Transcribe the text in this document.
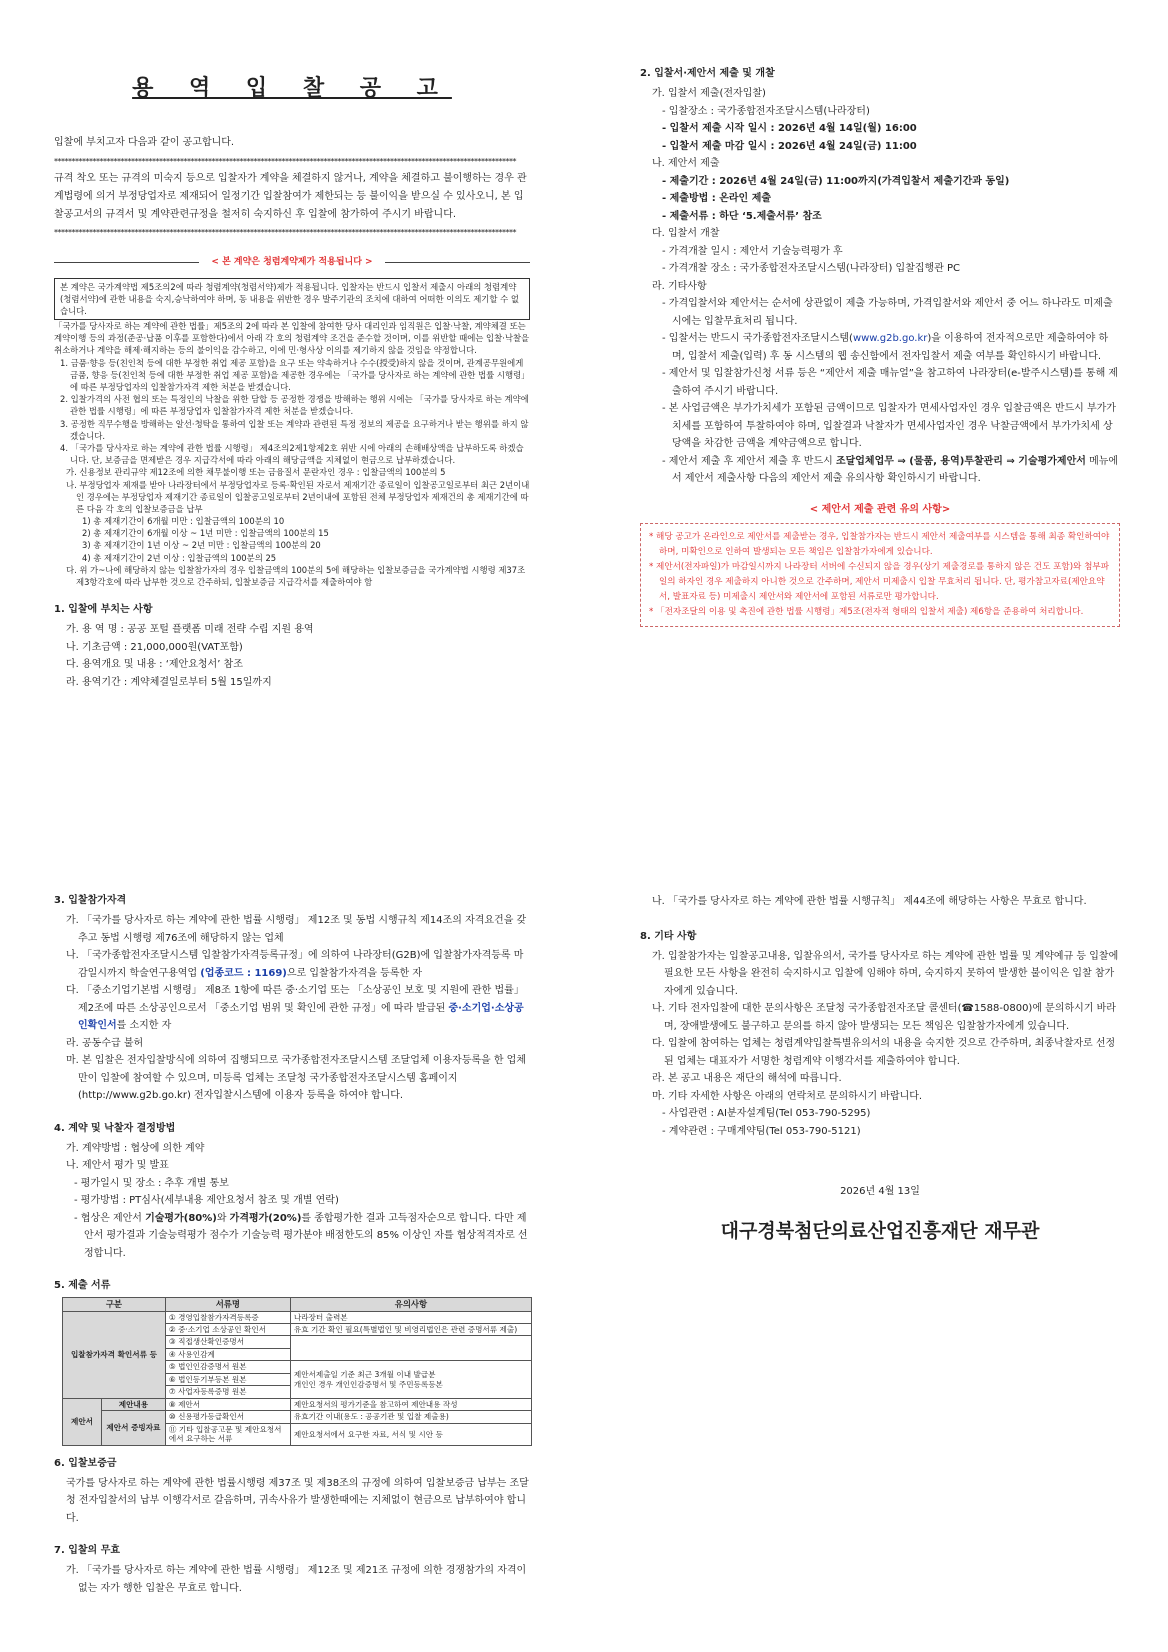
용 역 입 찰 공 고

입찰에 부치고자 다음과 같이 공고합니다.

************************************************************************************************************************************

규격 착오 또는 규격의 미숙지 등으로 입찰자가 계약을 체결하지 않거나, 계약을 체결하고 불이행하는 경우 관계법령에 의거 부정당업자로 제재되어 일정기간 입찰참여가 제한되는 등 불이익을 받으실 수 있사오니, 본 입찰공고서의 규격서 및 계약관련규정을 철저히 숙지하신 후 입찰에 참가하여 주시기 바랍니다.

************************************************************************************************************************************
< 본 계약은 청렴계약제가 적용됩니다 >
본 계약은 국가계약법 제5조의2에 따라 청렴계약(청렴서약)제가 적용됩니다. 입찰자는 반드시 입찰서 제출시 아래의 청렴계약(청렴서약)에 관한 내용을 숙지,승낙하여야 하며, 동 내용을 위반한 경우 발주기관의 조치에 대하여 어떠한 이의도 제기할 수 없습니다.

「국가를 당사자로 하는 계약에 관한 법률」제5조의 2에 따라 본 입찰에 참여한 당사 대리인과 임직원은 입찰·낙찰, 계약체결 또는 계약이행 등의 과정(준공·납품 이후를 포함한다)에서 아래 각 호의 청렴계약 조건을 준수할 것이며, 이를 위반할 때에는 입찰·낙찰을 취소하거나 계약을 해제·해지하는 등의 불이익을 감수하고, 이에 민·형사상 이의를 제기하지 않을 것임을 약정합니다.

1. 금품·향응 등(친인척 등에 대한 부정한 취업 제공 포함)을 요구 또는 약속하거나 수수(授受)하지 않을 것이며, 관계공무원에게 금품, 향응 등(친인척 등에 대한 부정한 취업 제공 포함)을 제공한 경우에는 「국가를 당사자로 하는 계약에 관한 법률 시행령」에 따른 부정당업자의 입찰참가자격 제한 처분을 받겠습니다.

2. 입찰가격의 사전 협의 또는 특정인의 낙찰을 위한 담합 등 공정한 경쟁을 방해하는 행위 시에는 「국가를 당사자로 하는 계약에 관한 법률 시행령」에 따른 부정당업자 입찰참가자격 제한 처분을 받겠습니다.

3. 공정한 직무수행을 방해하는 알선·청탁을 통하여 입찰 또는 계약과 관련된 특정 정보의 제공을 요구하거나 받는 행위를 하지 않겠습니다.

4. 「국가를 당사자로 하는 계약에 관한 법률 시행령」 제4조의2제1항제2호 위반 시에 아래의 손해배상액을 납부하도록 하겠습니다. 단, 보증금을 면제받은 경우 지급각서에 따라 아래의 해당금액을 지체없이 현금으로 납부하겠습니다.

가. 신용정보 관리규약 제12조에 의한 채무불이행 또는 금융질서 문란자인 경우 : 입찰금액의 100분의 5

나. 부정당업자 제재를 받아 나라장터에서 부정당업자로 등록·확인된 자로서 제재기간 종료일이 입찰공고일로부터 최근 2년이내인 경우에는 부정당업자 제재기간 종료일이 입찰공고일로부터 2년이내에 포함된 전체 부정당업자 제재건의 총 제재기간에 따른 다음 각 호의 입찰보증금을 납부

1) 총 제재기간이 6개월 미만 : 입찰금액의 100분의 10

2) 총 제재기간이 6개월 이상 ~ 1년 미만 : 입찰금액의 100분의 15

3) 총 제재기간이 1년 이상 ~ 2년 미만 : 입찰금액의 100분의 20

4) 총 제재기간이 2년 이상 : 입찰금액의 100분의 25

다. 위 가~나에 해당하지 않는 입찰참가자의 경우 입찰금액의 100분의 5에 해당하는 입찰보증금을 국가계약법 시행령 제37조제3항각호에 따라 납부한 것으로 간주하되, 입찰보증금 지급각서를 제출하여야 함

1. 입찰에 부치는 사항
가. 용 역 명 : 공공 포털 플랫폼 미래 전략 수립 지원 용역
나. 기초금액 : 21,000,000원(VAT포함)
다. 용역개요 및 내용 : ‘제안요청서’ 참조
라. 용역기간 : 계약체결일로부터 5월 15일까지
2. 입찰서·제안서 제출 및 개찰
가. 입찰서 제출(전자입찰)
- 입찰장소 : 국가종합전자조달시스템(나라장터)
- 입찰서 제출 시작 일시 : 2026년 4월 14일(월) 16:00
- 입찰서 제출 마감 일시 : 2026년 4월 24일(금) 11:00
나. 제안서 제출
- 제출기간 : 2026년 4월 24일(금) 11:00까지(가격입찰서 제출기간과 동일)
- 제출방법 : 온라인 제출
- 제출서류 : 하단 ‘5.제출서류’ 참조
다. 입찰서 개찰
- 가격개찰 일시 : 제안서 기술능력평가 후
- 가격개찰 장소 : 국가종합전자조달시스템(나라장터) 입찰집행관 PC
라. 기타사항
- 가격입찰서와 제안서는 순서에 상관없이 제출 가능하며, 가격입찰서와 제안서 중 어느 하나라도 미제출시에는 입찰무효처리 됩니다.
- 입찰서는 반드시 국가종합전자조달시스템(www.g2b.go.kr)을 이용하여 전자적으로만 제출하여야 하며, 입찰서 제출(입력) 후 동 시스템의 웹 송신함에서 전자입찰서 제출 여부를 확인하시기 바랍니다.
- 제안서 및 입찰참가신청 서류 등은 “제안서 제출 매뉴얼”을 참고하여 나라장터(e-발주시스템)를 통해 제출하여 주시기 바랍니다.
- 본 사업금액은 부가가치세가 포함된 금액이므로 입찰자가 면세사업자인 경우 입찰금액은 반드시 부가가치세를 포함하여 투찰하여야 하며, 입찰결과 낙찰자가 면세사업자인 경우 낙찰금액에서 부가가치세 상당액을 차감한 금액을 계약금액으로 합니다.
- 제안서 제출 후 제안서 제출 후 반드시 조달업체업무 ⇒ (물품, 용역)투찰관리 ⇒ 기술평가제안서 메뉴에서 제안서 제출사항 다음의 제안서 제출 유의사항 확인하시기 바랍니다.
< 제안서 제출 관련 유의 사항>

* 해당 공고가 온라인으로 제안서를 제출받는 경우, 입찰참가자는 반드시 제안서 제출여부를 시스템을 통해 최종 확인하여야 하며, 미확인으로 인하여 발생되는 모든 책임은 입찰참가자에게 있습니다.

* 제안서(전자파일)가 마감일시까지 나라장터 서버에 수신되지 않을 경우(상기 제출경로를 통하지 않은 건도 포함)와 첨부파일의 하자인 경우 제출하지 아니한 것으로 간주하며, 제안서 미제출시 입찰 무효처리 됩니다. 단, 평가참고자료(제안요약서, 발표자료 등) 미제출시 제안서와 제안서에 포함된 서류로만 평가합니다.

* 「전자조달의 이용 및 촉진에 관한 법률 시행령」제5조(전자적 형태의 입찰서 제출) 제6항을 준용하여 처리합니다.

3. 입찰참가자격
가. 「국가를 당사자로 하는 계약에 관한 법률 시행령」 제12조 및 동법 시행규칙 제14조의 자격요건을 갖추고 동법 시행령 제76조에 해당하지 않는 업체
나. 「국가종합전자조달시스템 입찰참가자격등록규정」에 의하여 나라장터(G2B)에 입찰참가자격등록 마감일시까지 학술연구용역업 (업종코드 : 1169)으로 입찰참가자격을 등록한 자
다. 「중소기업기본법 시행령」 제8조 1항에 따른 중·소기업 또는 「소상공인 보호 및 지원에 관한 법률」 제2조에 따른 소상공인으로서 「중소기업 범위 및 확인에 관한 규정」에 따라 발급된 중·소기업·소상공인확인서를 소지한 자
라. 공동수급 불허
마. 본 입찰은 전자입찰방식에 의하여 집행되므로 국가종합전자조달시스템 조달업체 이용자등록을 한 업체만이 입찰에 참여할 수 있으며, 미등록 업체는 조달청 국가종합전자조달시스템 홈페이지(http://www.g2b.go.kr) 전자입찰시스템에 이용자 등록을 하여야 합니다.
4. 계약 및 낙찰자 결정방법
가. 계약방법 : 협상에 의한 계약
나. 제안서 평가 및 발표
- 평가일시 및 장소 : 추후 개별 통보
- 평가방법 : PT심사(세부내용 제안요청서 참조 및 개별 연락)
- 협상은 제안서 기술평가(80%)와 가격평가(20%)를 종합평가한 결과 고득점자순으로 합니다. 다만 제안서 평가결과 기술능력평가 점수가 기술능력 평가분야 배점한도의 85% 이상인 자를 협상적격자로 선정합니다.
5. 제출 서류
구분		서류명	유의사항
입찰참가자격 확인서류 등		① 경영입찰참가자격등록증	나라장터 출력본
		② 중·소기업 소상공인 확인서	유효 기간 확인 필요(특별법인 및 비영리법인은 관련 증명서류 제출)
		③ 직접생산확인증명서	
		④ 사용인감계	
		⑤ 법인인감증명서 원본	제안서제출일 기준 최근 3개월 이내 발급분
개인인 경우 개인인감증명서 및 주민등록등본
		⑥ 법인등기부등본 원본	
		⑦ 사업자등록증명 원본	
제안서	제안내용	⑧ 제안서	제안요청서의 평가기준을 참고하여 제안내용 작성
	제안서 증빙자료	⑩ 신용평가등급확인서	유효기간 이내(용도 : 공공기관 및 입찰 제출용)
		⑪ 기타 입찰공고문 및 제안요청서에서 요구하는 서류	제안요청서에서 요구한 자료, 서식 및 시안 등
6. 입찰보증금
국가를 당사자로 하는 계약에 관한 법률시행령 제37조 및 제38조의 규정에 의하여 입찰보증금 납부는 조달청 전자입찰서의 납부 이행각서로 갈음하며, 귀속사유가 발생한때에는 지체없이 현금으로 납부하여야 합니다.
7. 입찰의 무효
가. 「국가를 당사자로 하는 계약에 관한 법률 시행령」 제12조 및 제21조 규정에 의한 경쟁참가의 자격이 없는 자가 행한 입찰은 무효로 합니다.
나. 「국가를 당사자로 하는 계약에 관한 법률 시행규칙」 제44조에 해당하는 사항은 무효로 합니다.
8. 기타 사항
가. 입찰참가자는 입찰공고내용, 입찰유의서, 국가를 당사자로 하는 계약에 관한 법률 및 계약예규 등 입찰에 필요한 모든 사항을 완전히 숙지하시고 입찰에 임해야 하며, 숙지하지 못하여 발생한 불이익은 입찰 참가자에게 있습니다.
나. 기타 전자입찰에 대한 문의사항은 조달청 국가종합전자조달 콜센터(☎1588-0800)에 문의하시기 바라며, 장애발생에도 불구하고 문의를 하지 않아 발생되는 모든 책임은 입찰참가자에게 있습니다.
다. 입찰에 참여하는 업체는 청렴계약입찰특별유의서의 내용을 숙지한 것으로 간주하며, 최종낙찰자로 선정된 업체는 대표자가 서명한 청렴계약 이행각서를 제출하여야 합니다.
라. 본 공고 내용은 재단의 해석에 따릅니다.
마. 기타 자세한 사항은 아래의 연락처로 문의하시기 바랍니다.
- 사업관련 : AI분자설계팀(Tel 053-790-5295)
- 계약관련 : 구매계약팀(Tel 053-790-5121)
2026년 4월 13일
대구경북첨단의료산업진흥재단 재무관
